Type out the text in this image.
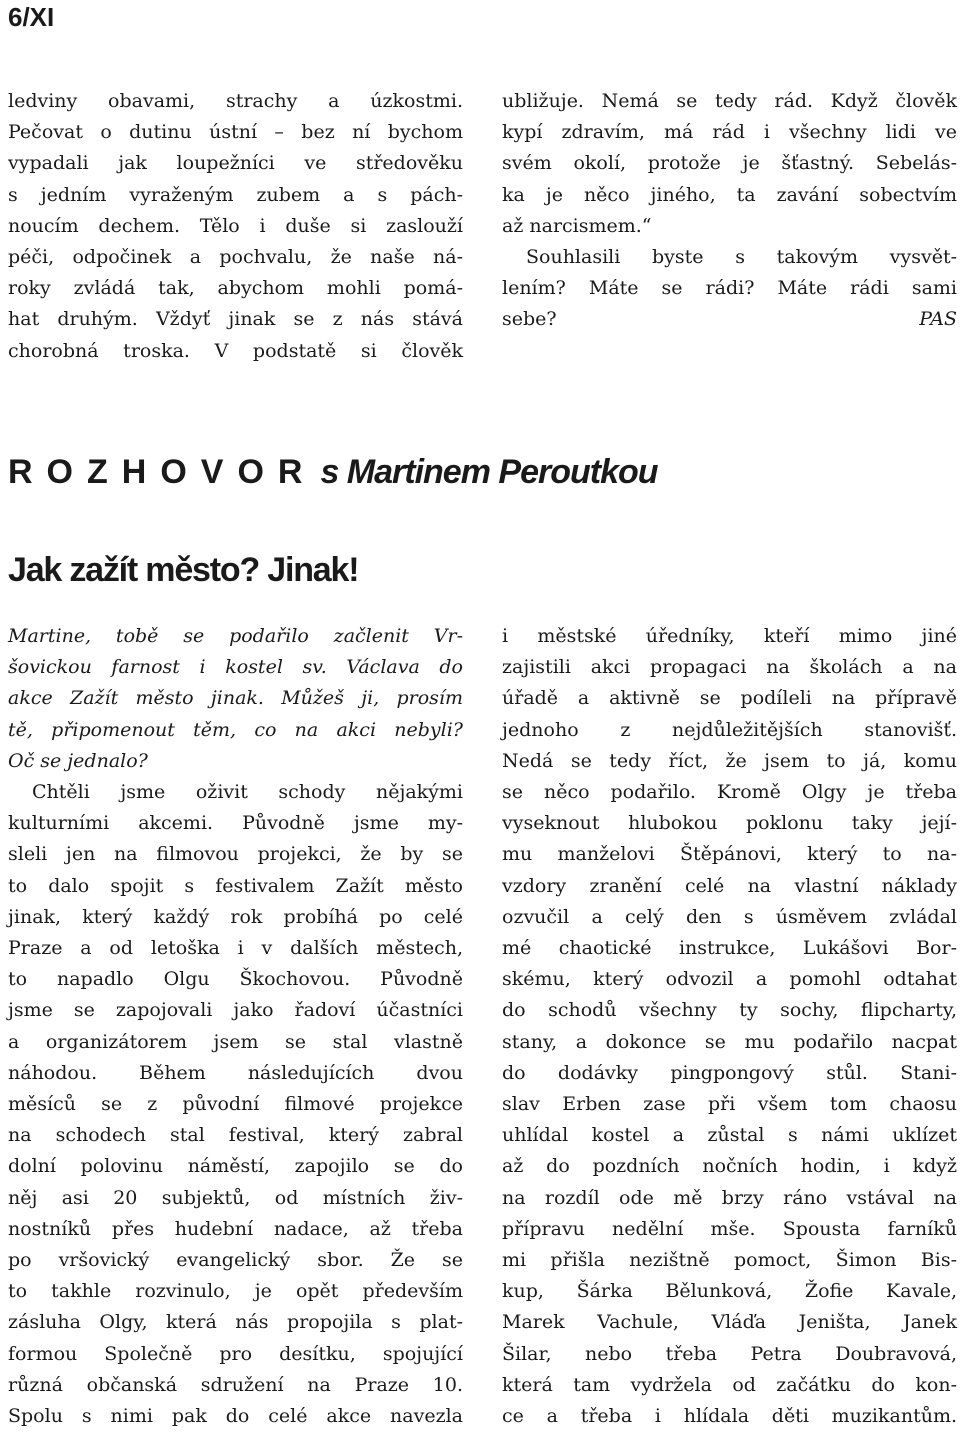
6/XI
ledviny obavami, strachy a úzkostmi.
Pečovat o dutinu ústní – bez ní bychom
vypadali jak loupežníci ve středověku
s jedním vyraženým zubem a s pách-
noucím dechem. Tělo i duše si zaslouží
péči, odpočinek a pochvalu, že naše ná-
roky zvládá tak, abychom mohli pomá-
hat druhým. Vždyť jinak se z nás stává
chorobná troska. V podstatě si člověk
ubližuje. Nemá se tedy rád. Když člověk
kypí zdravím, má rád i všechny lidi ve
svém okolí, protože je šťastný. Sebelás-
ka je něco jiného, ta zavání sobectvím
až narcismem.“
Souhlasili byste s takovým vysvět-
lením? Máte se rádi? Máte rádi sami
sebe?	PAS
ROZHOVOR s Martinem Peroutkou
Jak zažít město? Jinak!
Martine, tobě se podařilo začlenit Vr-
šovickou farnost i kostel sv. Václava do
akce Zažít město jinak. Můžeš ji, prosím
tě, připomenout těm, co na akci nebyli?
Oč se jednalo?
Chtěli jsme oživit schody nějakými
kulturními akcemi. Původně jsme my-
sleli jen na filmovou projekci, že by se
to dalo spojit s festivalem Zažít město
jinak, který každý rok probíhá po celé
Praze a od letoška i v dalších městech,
to napadlo Olgu Škochovou. Původně
jsme se zapojovali jako řadoví účastníci
a organizátorem jsem se stal vlastně
náhodou. Během následujících dvou
měsíců se z původní filmové projekce
na schodech stal festival, který zabral
dolní polovinu náměstí, zapojilo se do
něj asi 20 subjektů, od místních živ-
nostníků přes hudební nadace, až třeba
po vršovický evangelický sbor. Že se
to takhle rozvinulo, je opět především
zásluha Olgy, která nás propojila s plat-
formou Společně pro desítku, spojující
různá občanská sdružení na Praze 10.
Spolu s nimi pak do celé akce navezla
i městské úředníky, kteří mimo jiné
zajistili akci propagaci na školách a na
úřadě a aktivně se podíleli na přípravě
jednoho z nejdůležitějších stanovišť.
Nedá se tedy říct, že jsem to já, komu
se něco podařilo. Kromě Olgy je třeba
vyseknout hlubokou poklonu taky její-
mu manželovi Štěpánovi, který to na-
vzdory zranění celé na vlastní náklady
ozvučil a celý den s úsměvem zvládal
mé chaotické instrukce, Lukášovi Bor-
skému, který odvozil a pomohl odtahat
do schodů všechny ty sochy, flipcharty,
stany, a dokonce se mu podařilo nacpat
do dodávky pingpongový stůl. Stani-
slav Erben zase při všem tom chaosu
uhlídal kostel a zůstal s námi uklízet
až do pozdních nočních hodin, i když
na rozdíl ode mě brzy ráno vstával na
přípravu nedělní mše. Spousta farníků
mi přišla nezištně pomoct, Šimon Bis-
kup, Šárka Bělunková, Žofie Kavale,
Marek Vachule, Vláďa Jeništa, Janek
Šilar, nebo třeba Petra Doubravová,
která tam vydržela od začátku do kon-
ce a třeba i hlídala děti muzikantům.
